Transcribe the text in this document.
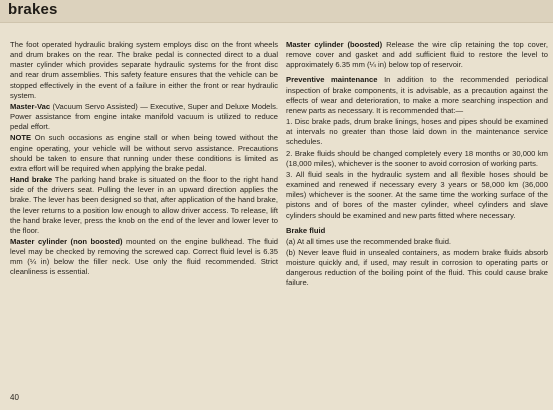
brakes

The foot operated hydraulic braking system employs disc on the front wheels and drum brakes on the rear. The brake pedal is connected direct to a dual master cylinder which provides separate hydraulic systems for the front disc and rear drum assemblies. This safety feature ensures that the vehicle can be stopped effectively in the event of a failure in either the front or rear hydraulic system.

Master-Vac (Vacuum Servo Assisted) — Executive, Super and Deluxe Models. Power assistance from engine intake manifold vacuum is utilized to reduce pedal effort.

NOTE On such occasions as engine stall or when being towed without the engine operating, your vehicle will be without servo assistance. Precautions should be taken to ensure that running under these conditions is limited as extra effort will be required when applying the brake pedal.

Hand brake The parking hand brake is situated on the floor to the right hand side of the drivers seat. Pulling the lever in an upward direction applies the brake. The lever has been designed so that, after application of the hand brake, the lever returns to a position low enough to allow driver access. To release, lift the hand brake lever, press the knob on the end of the lever and lower lever to the floor.

Master cylinder (non boosted) mounted on the engine bulkhead. The fluid level may be checked by removing the screwed cap. Correct fluid level is 6.35 mm (¼ in) below the filler neck. Use only the fluid recommended. Strict cleanliness is essential.

Master cylinder (boosted) Release the wire clip retaining the top cover, remove cover and gasket and add sufficient fluid to restore the level to approximately 6.35 mm (¼ in) below top of reservoir.

Preventive maintenance In addition to the recommended periodical inspection of brake components, it is advisable, as a precaution against the effects of wear and deterioration, to make a more searching inspection and renew parts as necessary. It is recommended that:—

1. Disc brake pads, drum brake linings, hoses and pipes should be examined at intervals no greater than those laid down in the maintenance service schedules.

2. Brake fluids should be changed completely every 18 months or 30,000 km (18,000 miles), whichever is the sooner to avoid corrosion of working parts.

3. All fluid seals in the hydraulic system and all flexible hoses should be examined and renewed if necessary every 3 years or 58,000 km (36,000 miles) whichever is the sooner. At the same time the working surface of the pistons and of bores of the master cylinder, wheel cylinders and slave cylinders should be examined and new parts fitted where necessary.

Brake fluid

(a) At all times use the recommended brake fluid.

(b) Never leave fluid in unsealed containers, as modern brake fluids absorb moisture quickly and, if used, may result in corrosion to operating parts or dangerous reduction of the boiling point of the fluid. This could cause brake failure.

40
